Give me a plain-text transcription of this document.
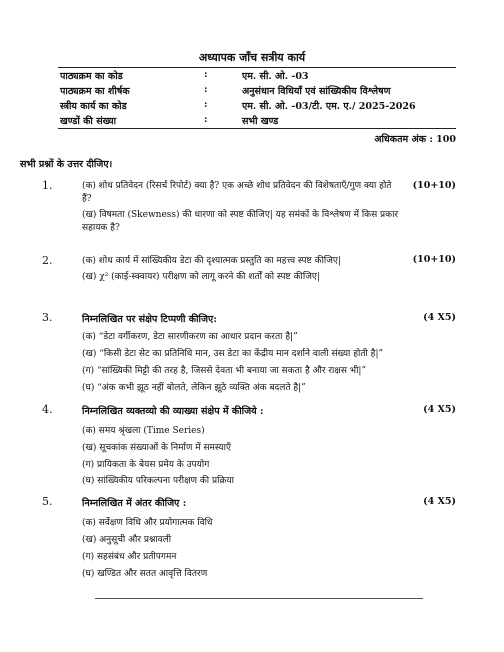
अध्यापक जाँच सत्रीय कार्य
पाठ्यक्रम का कोड	:	एम. सी. ओ. -03
पाठ्यक्रम का शीर्षक	:	अनुसंधान विधियाँ एवं सांख्यिकीय विश्लेषण
स्त्रीय कार्य का कोड	:	एम. सी. ओ. -03/टी. एम. ए./ 2025-2026
खण्डों की संख्या	:	सभी खण्ड
अधिकतम अंक : 100
सभी प्रश्नों के उत्तर दीजिए।
1.	(10+10)
(क) शोध प्रतिवेदन (रिसर्च रिपोर्ट) क्या है? एक अच्छे शोध प्रतिवेदन की विशेषताएँ/गुण क्या होते हैं?
(ख) विषमता (Skewness) की धारणा को स्पष्ट कीजिए| यह समंकों के विश्लेषण में किस प्रकार सहायक है?
2.	(10+10)
(क) शोध कार्य में सांख्यिकीय डेटा की दृश्यात्मक प्रस्तुति का महत्त्व स्पष्ट कीजिए|
(ख) χ² (काई-स्क्वायर) परीक्षण को लागू करने की शर्तों को स्पष्ट कीजिए|
3.	निम्नलिखित पर संक्षेप टिप्पणी कीजिए:	(4 X5)
(क) “डेटा वर्गीकरण, डेटा सारणीकरण का आधार प्रदान करता है|”
(ख) “किसी डेटा सेट का प्रतिनिधि मान, उस डेटा का केंद्रीय मान दर्शाने वाली संख्या होती है|”
(ग) “सांख्यिकी मिट्टी की तरह है, जिससे देवता भी बनाया जा सकता है और राक्षस भी|”
(घ) “अंक कभी झूठ नहीं बोलते, लेकिन झूठे व्यक्ति अंक बदलते है|”
4.	निम्नलिखित व्यक्तव्यो की व्याख्या संक्षेप में कीजिये :	(4 X5)
(क) समय श्रृंखला (Time Series)
(ख) सूचकांक संख्याओं के निर्माण में समस्याएँ
(ग) प्रायिकता के बेयस प्रमेय के उपयोग
(घ) सांख्यिकीय परिकल्पना परीक्षण की प्रक्रिया
5.	निम्नलिखित में अंतर कीजिए :	(4 X5)
(क) सर्वेक्षण विधि और प्रयोगात्मक विधि
(ख) अनुसूची और प्रश्नावली
(ग) सहसंबंध और प्रतीपगमन
(घ) खण्डित और सतत आवृत्ति वितरण
